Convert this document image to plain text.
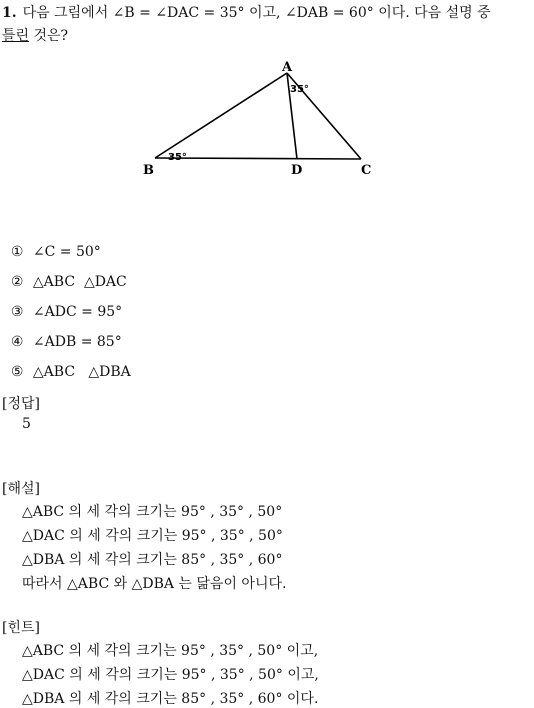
1. 다음 그림에서 ∠B = ∠DAC = 35° 이고, ∠DAB = 60° 이다. 다음 설명 중
틀린 것은?
A
B	D	C
35°
35°

① ∠C = 50°

② △ABC  △DAC

③ ∠ADC = 95°

④ ∠ADB = 85°

⑤ △ABC   △DBA

[정답]
5
[해설]
△ABC 의 세 각의 크기는 95° , 35° , 50°
△DAC 의 세 각의 크기는 95° , 35° , 50°
△DBA 의 세 각의 크기는 85° , 35° , 60°
따라서 △ABC 와 △DBA 는 닮음이 아니다.
[힌트]
△ABC 의 세 각의 크기는 95° , 35° , 50° 이고,
△DAC 의 세 각의 크기는 95° , 35° , 50° 이고,
△DBA 의 세 각의 크기는 85° , 35° , 60° 이다.
